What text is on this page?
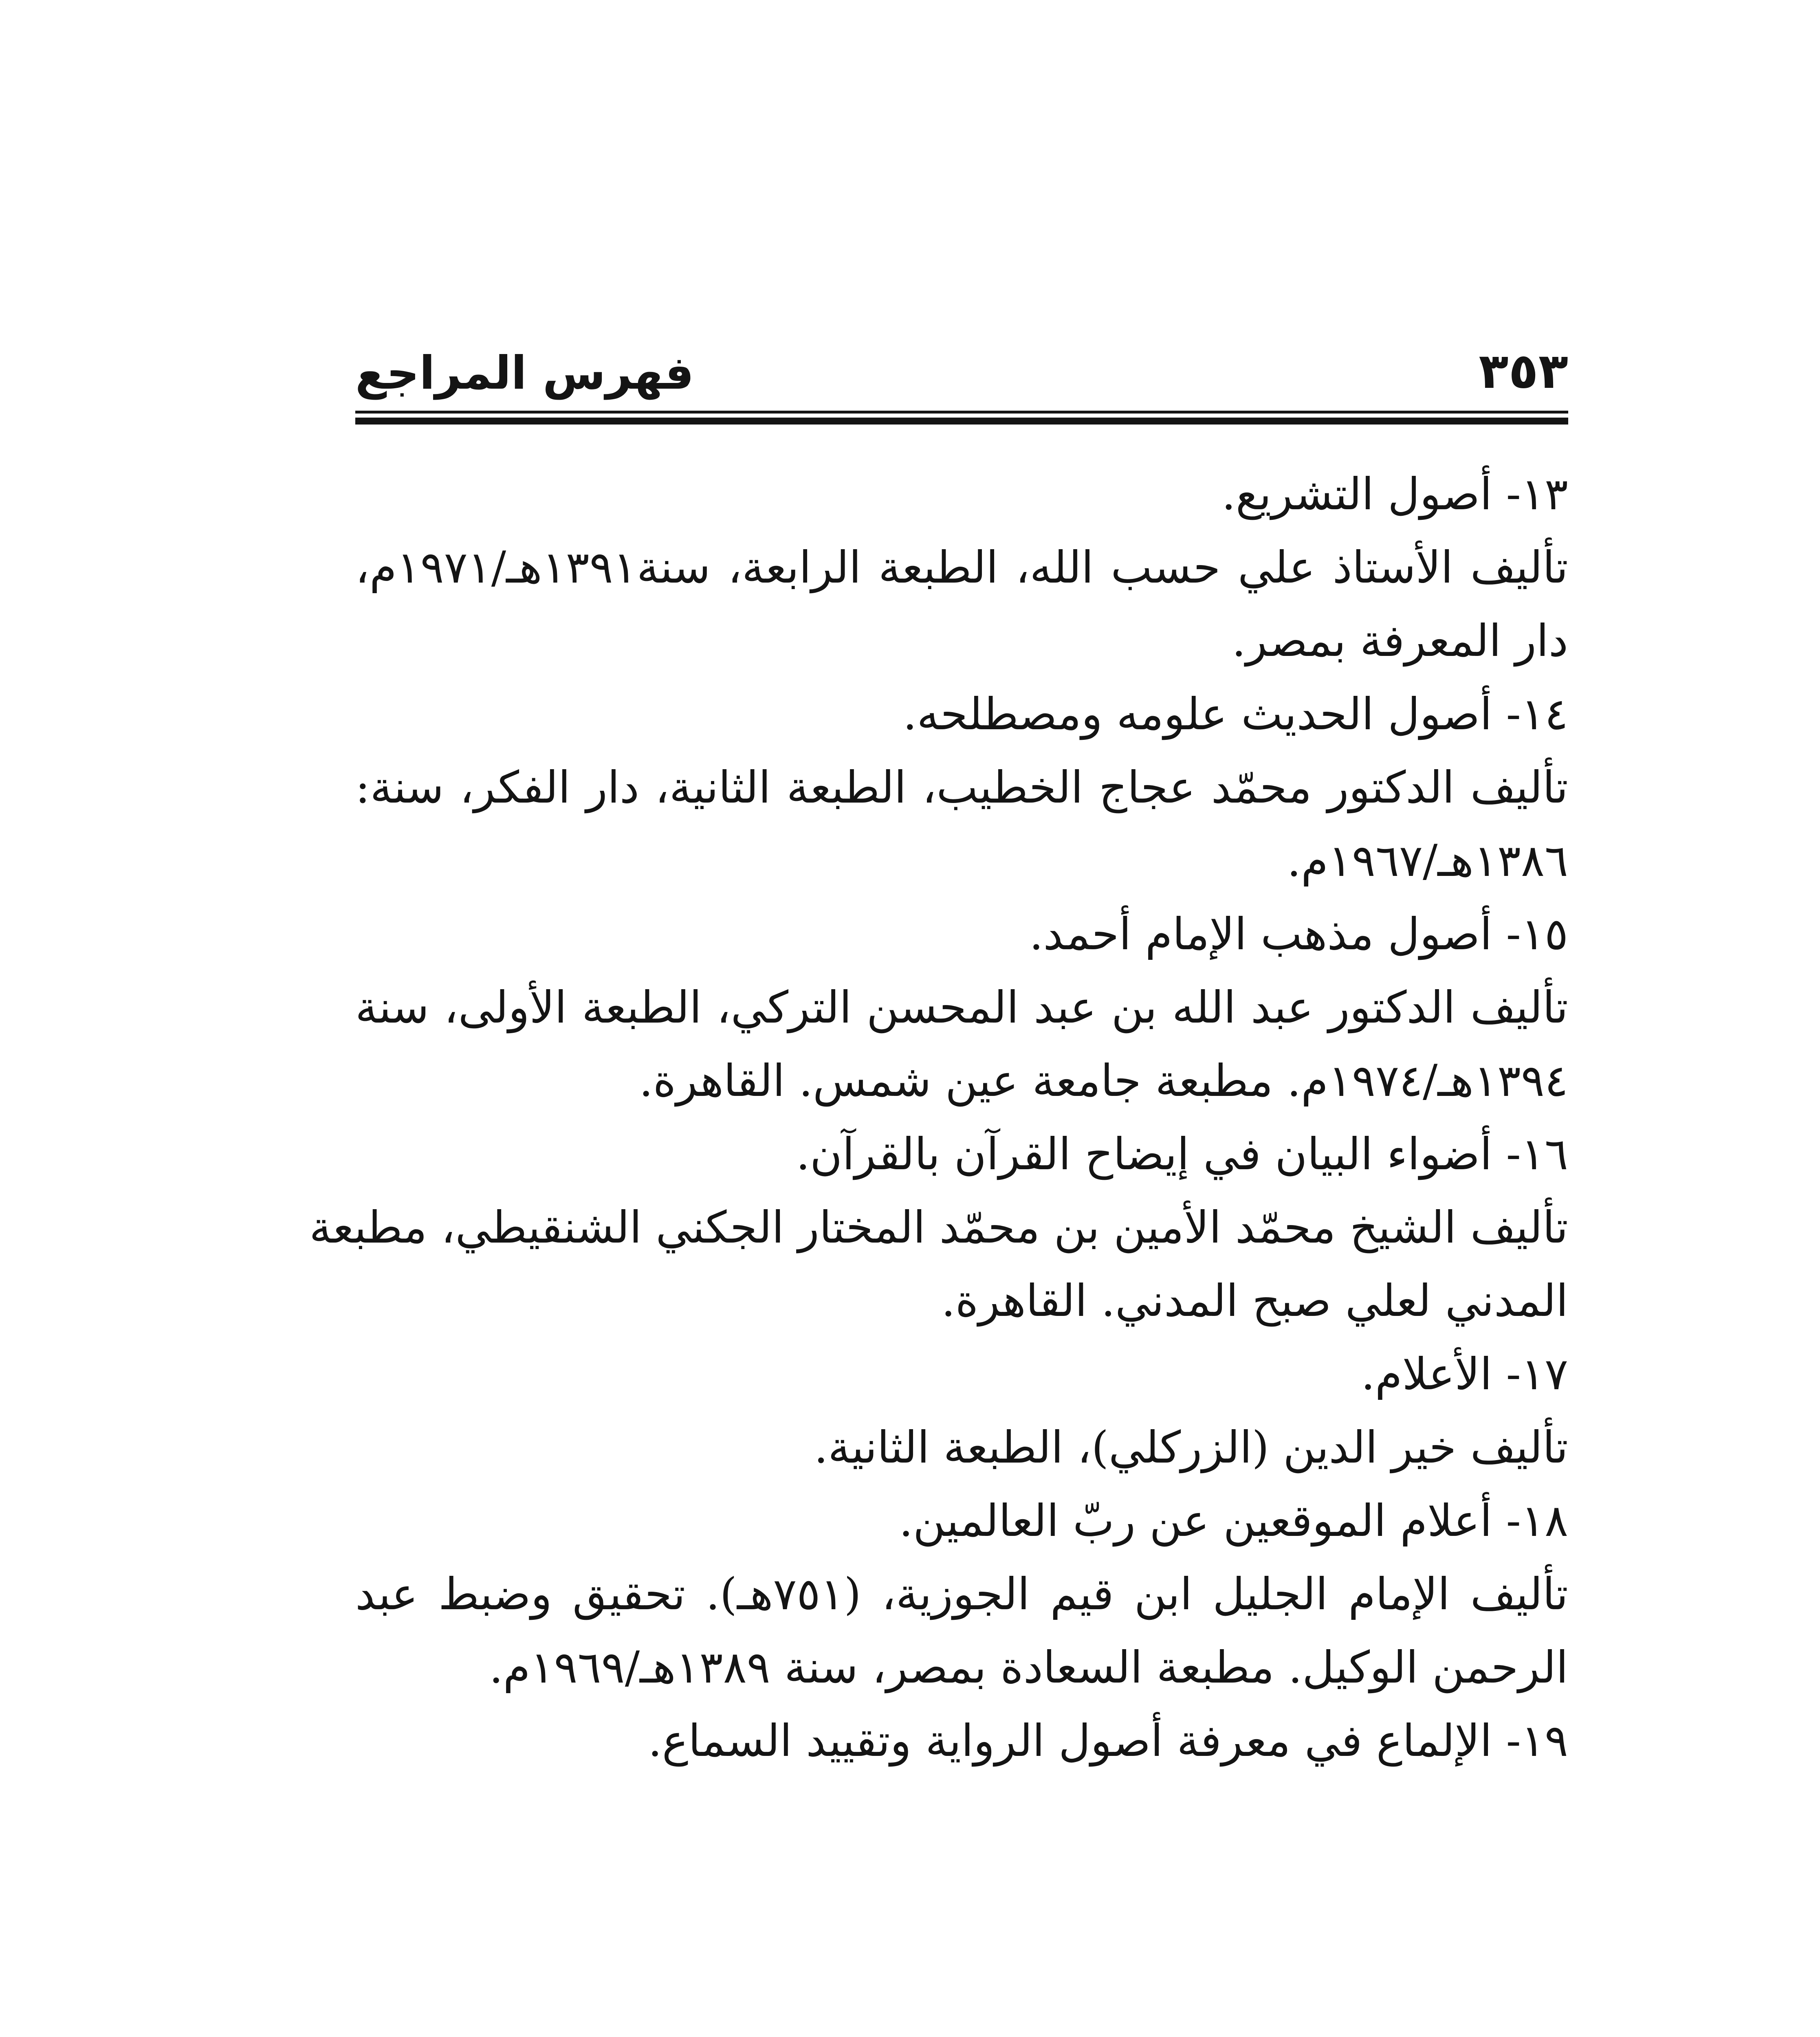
فهرس المراجع	٣٥٣
١٣- أصول التشريع.
تأليف الأستاذ علي حسب الله، الطبعة الرابعة، سنة١٣٩١هـ/١٩٧١م،
دار المعرفة بمصر.
١٤- أصول الحديث علومه ومصطلحه.
تأليف الدكتور محمّد عجاج الخطيب، الطبعة الثانية، دار الفكر، سنة:
١٣٨٦هـ/١٩٦٧م.
١٥- أصول مذهب الإمام أحمد.
تأليف الدكتور عبد الله بن عبد المحسن التركي، الطبعة الأولى، سنة
١٣٩٤هـ/١٩٧٤م. مطبعة جامعة عين شمس. القاهرة.
١٦- أضواء البيان في إيضاح القرآن بالقرآن.
تأليف الشيخ محمّد الأمين بن محمّد المختار الجكني الشنقيطي، مطبعة
المدني لعلي صبح المدني. القاهرة.
١٧- الأعلام.
تأليف خير الدين (الزركلي)، الطبعة الثانية.
١٨- أعلام الموقعين عن ربّ العالمين.
تأليف الإمام الجليل ابن قيم الجوزية، (٧٥١هـ). تحقيق وضبط عبد
الرحمن الوكيل. مطبعة السعادة بمصر، سنة ١٣٨٩هـ/١٩٦٩م.
١٩- الإلماع في معرفة أصول الرواية وتقييد السماع.
